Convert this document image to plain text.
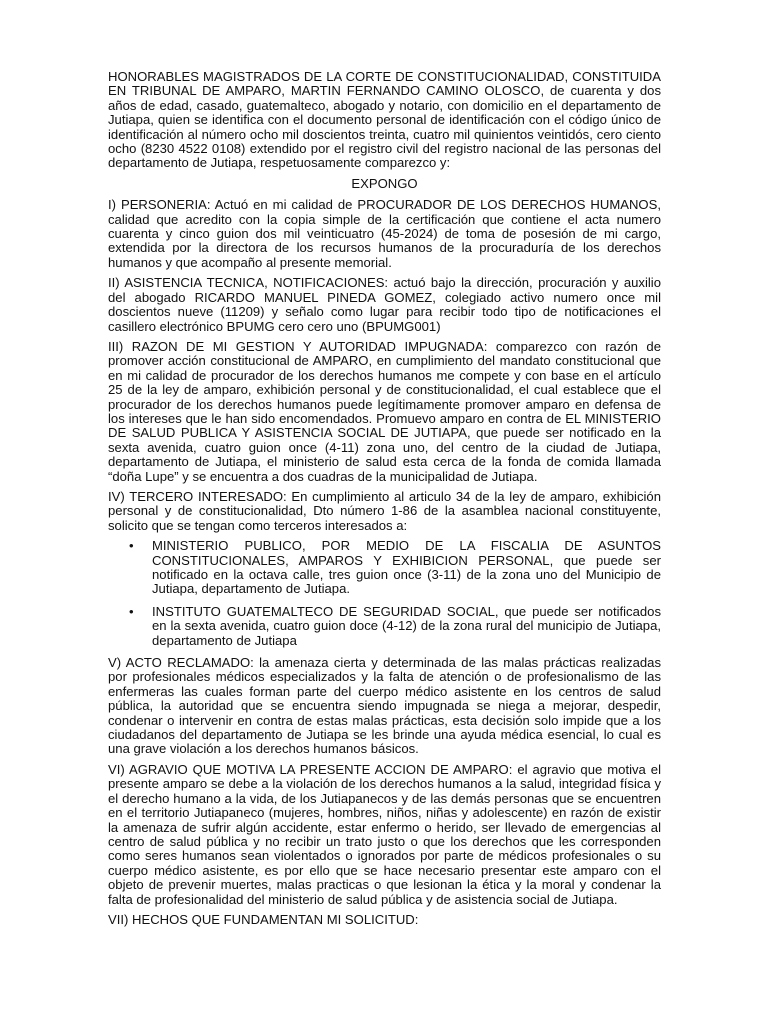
HONORABLES MAGISTRADOS DE LA CORTE DE CONSTITUCIONALIDAD, CONSTITUIDA EN TRIBUNAL DE AMPARO, MARTIN FERNANDO CAMINO OLOSCO, de cuarenta y dos años de edad, casado, guatemalteco, abogado y notario, con domicilio en el departamento de Jutiapa, quien se identifica con el documento personal de identificación con el código único de identificación al número ocho mil doscientos treinta, cuatro mil quinientos veintidós, cero ciento ocho (8230 4522 0108) extendido por el registro civil del registro nacional de las personas del departamento de Jutiapa, respetuosamente comparezco y:

EXPONGO

I) PERSONERIA: Actuó en mi calidad de PROCURADOR DE LOS DERECHOS HUMANOS, calidad que acredito con la copia simple de la certificación que contiene el acta numero cuarenta y cinco guion dos mil veinticuatro (45-2024) de toma de posesión de mi cargo, extendida por la directora de los recursos humanos de la procuraduría de los derechos humanos y que acompaño al presente memorial.

II) ASISTENCIA TECNICA, NOTIFICACIONES: actuó bajo la dirección, procuración y auxilio del abogado RICARDO MANUEL PINEDA GOMEZ, colegiado activo numero once mil doscientos nueve (11209) y señalo como lugar para recibir todo tipo de notificaciones el casillero electrónico BPUMG cero cero uno (BPUMG001)

III) RAZON DE MI GESTION Y AUTORIDAD IMPUGNADA: comparezco con razón de promover acción constitucional de AMPARO, en cumplimiento del mandato constitucional que en mi calidad de procurador de los derechos humanos me compete y con base en el artículo 25 de la ley de amparo, exhibición personal y de constitucionalidad, el cual establece que el procurador de los derechos humanos puede legítimamente promover amparo en defensa de los intereses que le han sido encomendados. Promuevo amparo en contra de EL MINISTERIO DE SALUD PUBLICA Y ASISTENCIA SOCIAL DE JUTIAPA, que puede ser notificado en la sexta avenida, cuatro guion once (4-11) zona uno, del centro de la ciudad de Jutiapa, departamento de Jutiapa, el ministerio de salud esta cerca de la fonda de comida llamada “doña Lupe” y se encuentra a dos cuadras de la municipalidad de Jutiapa.

IV) TERCERO INTERESADO: En cumplimiento al articulo 34 de la ley de amparo, exhibición personal y de constitucionalidad, Dto número 1-86 de la asamblea nacional constituyente, solicito que se tengan como terceros interesados a:

• MINISTERIO PUBLICO, POR MEDIO DE LA FISCALIA DE ASUNTOS CONSTITUCIONALES, AMPAROS Y EXHIBICION PERSONAL, que puede ser notificado en la octava calle, tres guion once (3-11) de la zona uno del Municipio de Jutiapa, departamento de Jutiapa.
• INSTITUTO GUATEMALTECO DE SEGURIDAD SOCIAL, que puede ser notificados en la sexta avenida, cuatro guion doce (4-12) de la zona rural del municipio de Jutiapa, departamento de Jutiapa

V) ACTO RECLAMADO: la amenaza cierta y determinada de las malas prácticas realizadas por profesionales médicos especializados y la falta de atención o de profesionalismo de las enfermeras las cuales forman parte del cuerpo médico asistente en los centros de salud pública, la autoridad que se encuentra siendo impugnada se niega a mejorar, despedir, condenar o intervenir en contra de estas malas prácticas, esta decisión solo impide que a los ciudadanos del departamento de Jutiapa se les brinde una ayuda médica esencial, lo cual es una grave violación a los derechos humanos básicos.

VI) AGRAVIO QUE MOTIVA LA PRESENTE ACCION DE AMPARO: el agravio que motiva el presente amparo se debe a la violación de los derechos humanos a la salud, integridad física y el derecho humano a la vida, de los Jutiapanecos y de las demás personas que se encuentren en el territorio Jutiapaneco (mujeres, hombres, niños, niñas y adolescente) en razón de existir la amenaza de sufrir algún accidente, estar enfermo o herido, ser llevado de emergencias al centro de salud pública y no recibir un trato justo o que los derechos que les corresponden como seres humanos sean violentados o ignorados por parte de médicos profesionales o su cuerpo médico asistente, es por ello que se hace necesario presentar este amparo con el objeto de prevenir muertes, malas practicas o que lesionan la ética y la moral y condenar la falta de profesionalidad del ministerio de salud pública y de asistencia social de Jutiapa.

VII) HECHOS QUE FUNDAMENTAN MI SOLICITUD:
